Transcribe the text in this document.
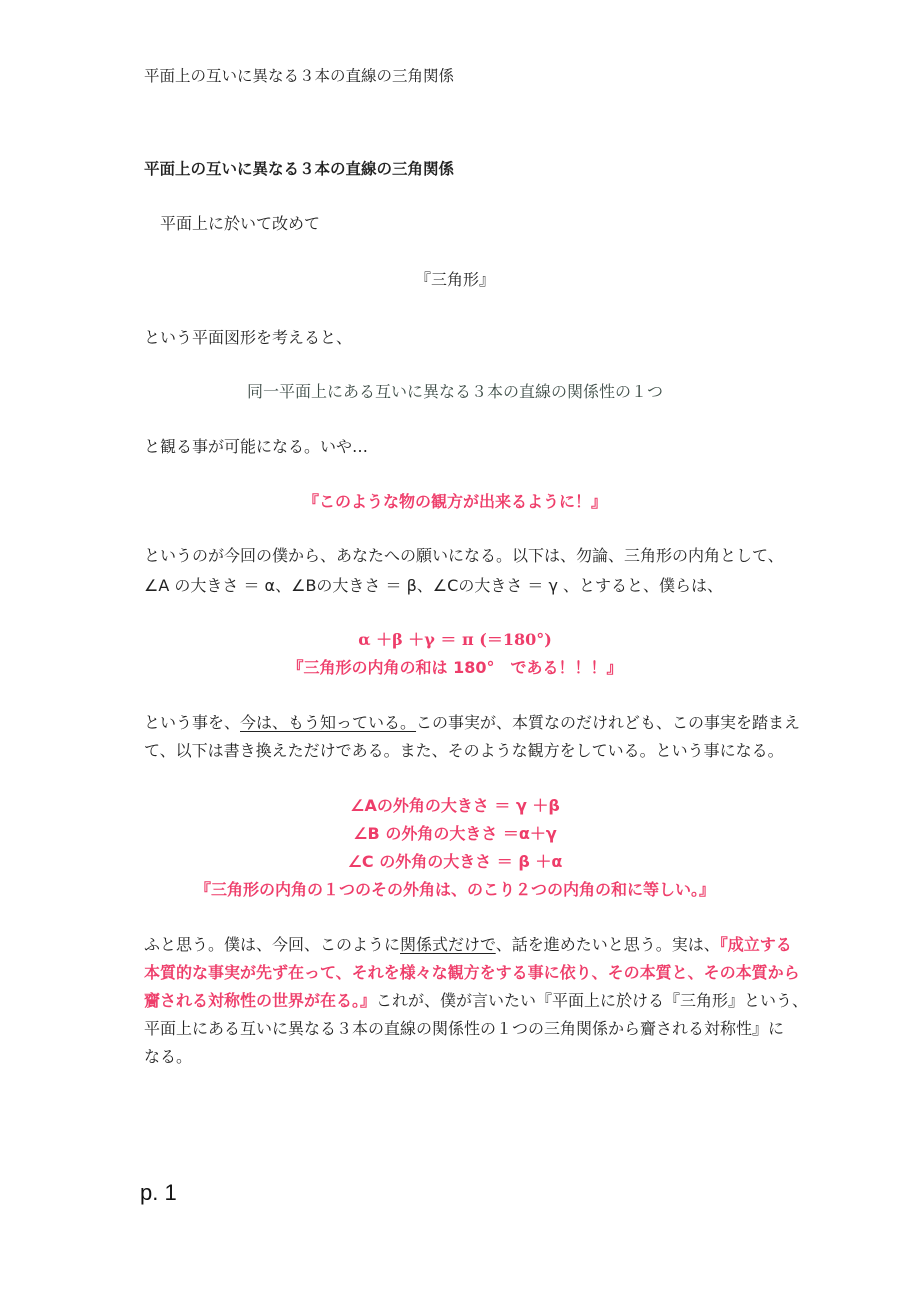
平面上の互いに異なる３本の直線の三角関係
平面上の互いに異なる３本の直線の三角関係
平面上に於いて改めて
『三角形』
という平面図形を考えると、
同一平面上にある互いに異なる３本の直線の関係性の１つ
と観る事が可能になる。いや…
『このような物の観方が出来るように！』
というのが今回の僕から、あなたへの願いになる。以下は、勿論、三角形の内角として、
∠A の大きさ ＝ α、∠Bの大きさ ＝ β、∠Cの大きさ ＝ γ 、とすると、僕らは、
α ＋β ＋γ ＝ π (＝180°)
『三角形の内角の和は 180°　である！！！』
という事を、今は、もう知っている。この事実が、本質なのだけれども、この事実を踏まえ
て、以下は書き換えただけである。また、そのような観方をしている。という事になる。
∠Aの外角の大きさ ＝ γ ＋β
∠B の外角の大きさ ＝α＋γ
∠C の外角の大きさ ＝ β ＋α
『三角形の内角の１つのその外角は、のこり２つの内角の和に等しい。』
ふと思う。僕は、今回、このように関係式だけで、話を進めたいと思う。実は、『成立する
本質的な事実が先ず在って、それを様々な観方をする事に依り、その本質と、その本質から
齎される対称性の世界が在る。』これが、僕が言いたい『平面上に於ける『三角形』という、
平面上にある互いに異なる３本の直線の関係性の１つの三角関係から齎される対称性』に
なる。
p. 1
